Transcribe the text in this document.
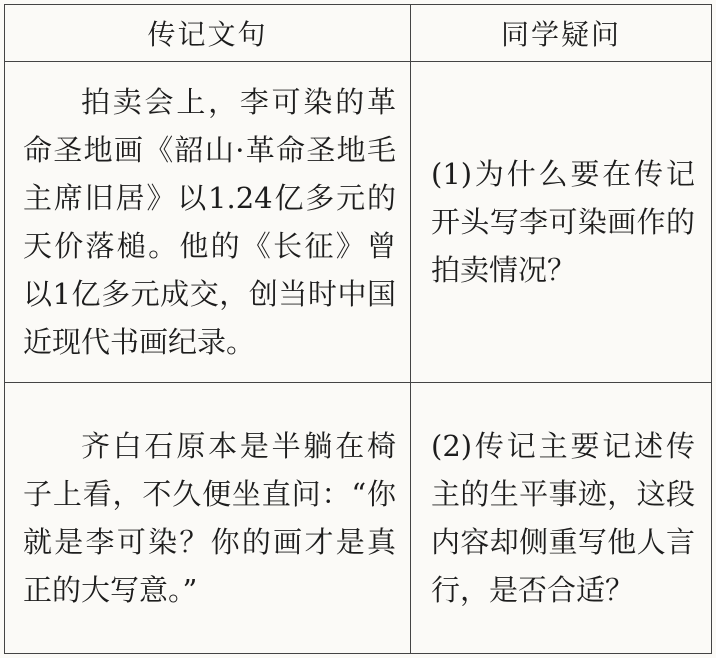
传记文句	同学疑问

拍卖会上，李可染的革命圣地画《韶山·革命圣地毛主席旧居》以1.24亿多元的天价落槌。他的《长征》曾以1亿多元成交，创当时中国近现代书画纪录。	(1)为什么要在传记开头写李可染画作的拍卖情况？

齐白石原本是半躺在椅子上看，不久便坐直问：“你就是李可染？你的画才是真正的大写意。”	(2)传记主要记述传主的生平事迹，这段内容却侧重写他人言行，是否合适？
